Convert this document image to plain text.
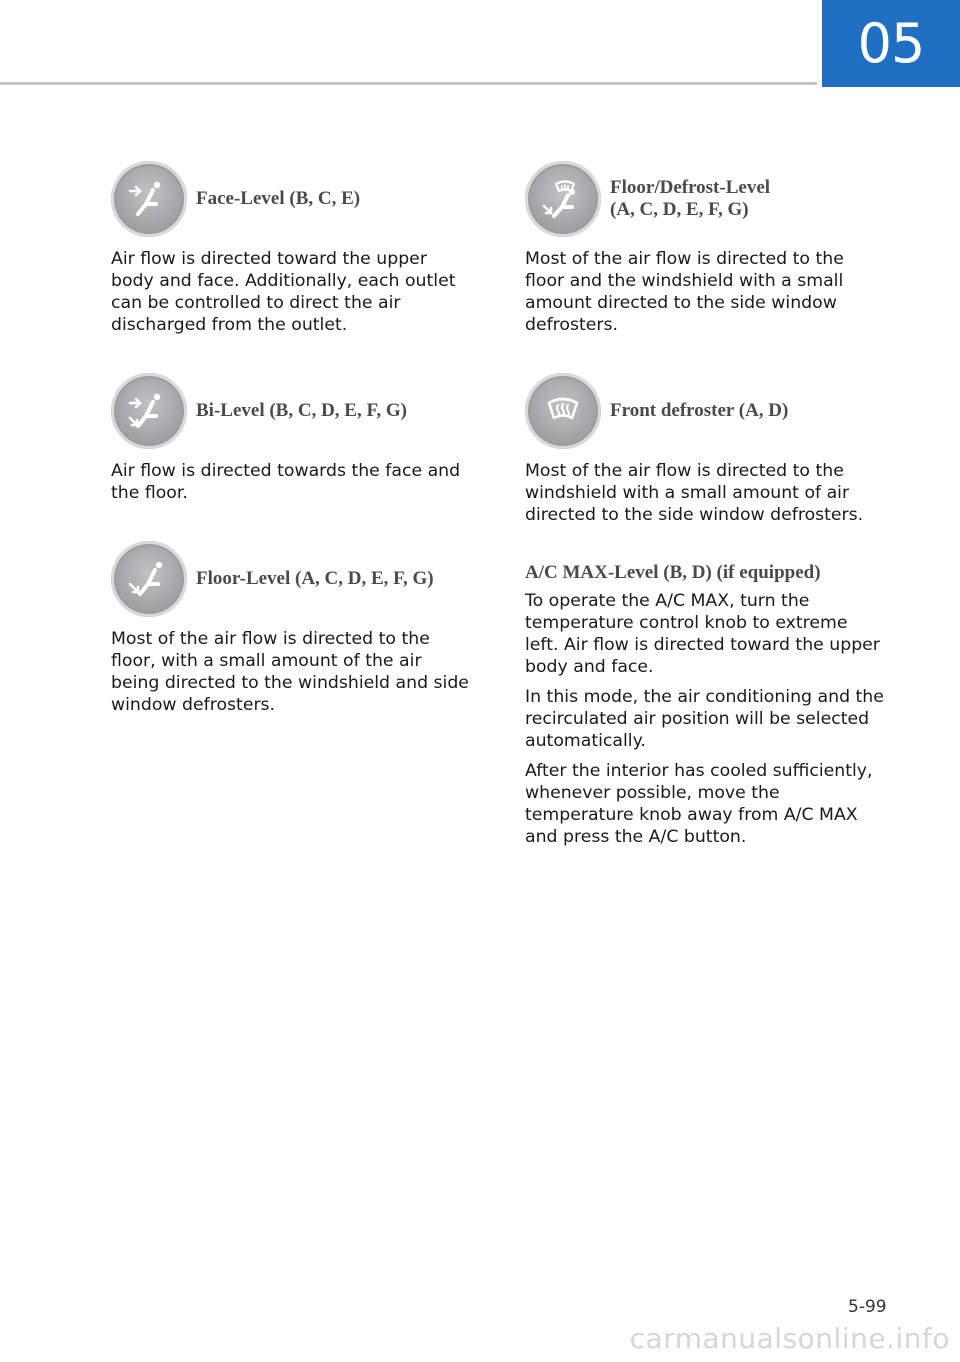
05
Face-Level (B, C, E)

Air flow is directed toward the upper
body and face. Additionally, each outlet
can be controlled to direct the air
discharged from the outlet.

Bi-Level (B, C, D, E, F, G)

Air flow is directed towards the face and
the floor.

Floor-Level (A, C, D, E, F, G)

Most of the air flow is directed to the
floor, with a small amount of the air
being directed to the windshield and side
window defrosters.

Floor/Defrost-Level
(A, C, D, E, F, G)

Most of the air flow is directed to the
floor and the windshield with a small
amount directed to the side window
defrosters.

Front defroster (A, D)

Most of the air flow is directed to the
windshield with a small amount of air
directed to the side window defrosters.

A/C MAX-Level (B, D) (if equipped)

To operate the A/C MAX, turn the
temperature control knob to extreme
left. Air flow is directed toward the upper
body and face.

In this mode, the air conditioning and the
recirculated air position will be selected
automatically.

After the interior has cooled sufficiently,
whenever possible, move the
temperature knob away from A/C MAX
and press the A/C button.

5-99
carmanualsonline.info
